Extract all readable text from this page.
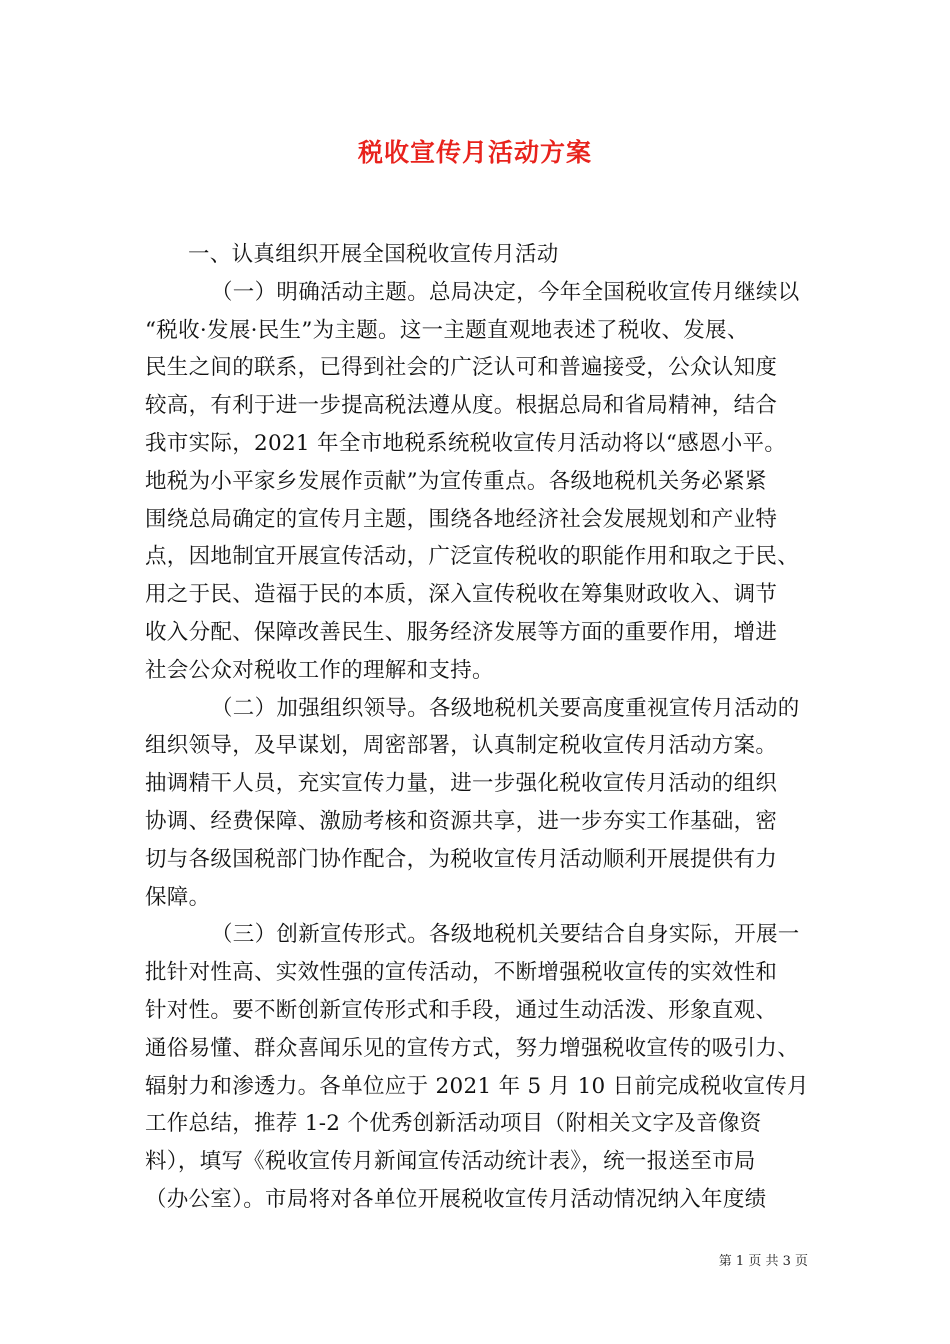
税收宣传月活动方案
一、认真组织开展全国税收宣传月活动
（一）明确活动主题。总局决定，今年全国税收宣传月继续以
“税收·发展·民生”为主题。这一主题直观地表述了税收、发展、
民生之间的联系，已得到社会的广泛认可和普遍接受，公众认知度
较高，有利于进一步提高税法遵从度。根据总局和省局精神，结合
我市实际，2021 年全市地税系统税收宣传月活动将以“感恩小平。
地税为小平家乡发展作贡献”为宣传重点。各级地税机关务必紧紧
围绕总局确定的宣传月主题，围绕各地经济社会发展规划和产业特
点，因地制宜开展宣传活动，广泛宣传税收的职能作用和取之于民、
用之于民、造福于民的本质，深入宣传税收在筹集财政收入、调节
收入分配、保障改善民生、服务经济发展等方面的重要作用，增进
社会公众对税收工作的理解和支持。
（二）加强组织领导。各级地税机关要高度重视宣传月活动的
组织领导，及早谋划，周密部署，认真制定税收宣传月活动方案。
抽调精干人员，充实宣传力量，进一步强化税收宣传月活动的组织
协调、经费保障、激励考核和资源共享，进一步夯实工作基础，密
切与各级国税部门协作配合，为税收宣传月活动顺利开展提供有力
保障。
（三）创新宣传形式。各级地税机关要结合自身实际，开展一
批针对性高、实效性强的宣传活动，不断增强税收宣传的实效性和
针对性。要不断创新宣传形式和手段，通过生动活泼、形象直观、
通俗易懂、群众喜闻乐见的宣传方式，努力增强税收宣传的吸引力、
辐射力和渗透力。各单位应于 2021 年 5 月 10 日前完成税收宣传月
工作总结，推荐 1-2 个优秀创新活动项目（附相关文字及音像资
料），填写《税收宣传月新闻宣传活动统计表》，统一报送至市局
（办公室）。市局将对各单位开展税收宣传月活动情况纳入年度绩
第 1 页 共 3 页
